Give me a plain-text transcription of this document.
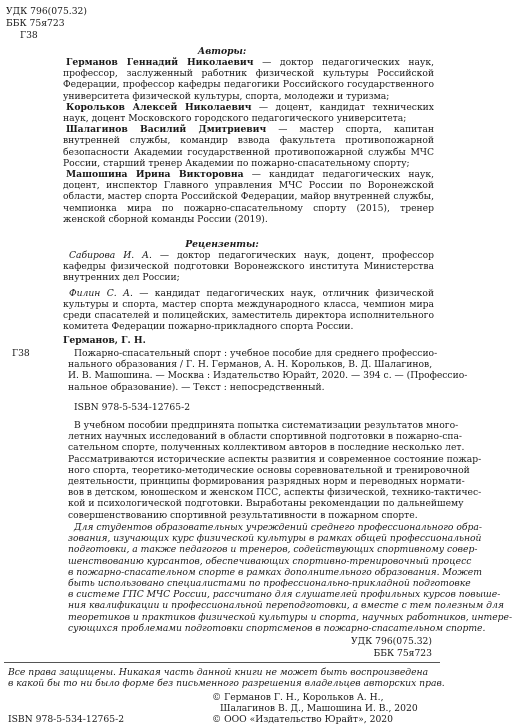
УДК 796(075.32)
ББК 75я723
Г38
Авторы:
Германов Геннадий Николаевич — доктор педагогических наук, профессор, заслуженный работник физической культуры Российской Федерации, профессор кафедры педагогики Российского государственного университета физической культуры, спорта, молодежи и туризма;
Корольков Алексей Николаевич — доцент, кандидат технических наук, доцент Московского городского педагогического университета;
Шалагинов Василий Дмитриевич — мастер спорта, капитан внутренней службы, командир взвода факультета противопожарной безопасности Академии государственной противопожарной службы МЧС России, старший тренер Академии по пожарно-спасательному спорту;
Машошина Ирина Викторовна — кандидат педагогических наук, доцент, инспектор Главного управления МЧС России по Воронежской области, мастер спорта Российской Федерации, майор внутренней службы, чемпионка мира по пожарно-спасательному спорту (2015), тренер женской сборной команды России (2019).
Рецензенты:
Сабирова И. А. — доктор педагогических наук, доцент, профессор кафедры физической подготовки Воронежского института Министерства внутренних дел России;
Филин С. А. — кандидат педагогических наук, отличник физической культуры и спорта, мастер спорта международного класса, чемпион мира среди спасателей и полицейских, заместитель директора исполнительного комитета Федерации пожарно-прикладного спорта России.
Германов, Г. Н.
Г38	Пожарно-спасательный спорт : учебное пособие для среднего профессио-
нального образования / Г. Н. Германов, А. Н. Корольков, В. Д. Шалагинов,
И. В. Машошина. — Москва : Издательство Юрайт, 2020. — 394 с. — (Профессио-
нальное образование). — Текст : непосредственный.
ISBN 978-5-534-12765-2
В учебном пособии предпринята попытка систематизации результатов много-
летних научных исследований в области спортивной подготовки в пожарно-спа-
сательном спорте, полученных коллективом авторов в последние несколько лет.
Рассматриваются исторические аспекты развития и современное состояние пожар-
ного спорта, теоретико-методические основы соревновательной и тренировочной
деятельности, принципы формирования разрядных норм и переводных нормати-
вов в детском, юношеском и женском ПСС, аспекты физической, технико-тактичес-
кой и психологической подготовки. Выработаны рекомендации по дальнейшему
совершенствованию спортивной результативности в пожарном спорте.
Для студентов образовательных учреждений среднего профессионального обра-
зования, изучающих курс физической культуры в рамках общей профессиональной
подготовки, а также педагогов и тренеров, содействующих спортивному совер-
шенствованию курсантов, обеспечивающих спортивно-тренировочный процесс
в пожарно-спасательном спорте в рамках дополнительного образования. Может
быть использовано специалистами по профессионально-прикладной подготовке
в системе ГПС МЧС России, рассчитано для слушателей профильных курсов повыше-
ния квалификации и профессиональной переподготовки, а вместе с тем полезным для
теоретиков и практиков физической культуры и спорта, научных работников, интере-
сующихся проблемами подготовки спортсменов в пожарно-спасательном спорте.
УДК 796(075.32)
ББК 75я723
Все права защищены. Никакая часть данной книги не может быть воспроизведена
в какой бы то ни было форме без письменного разрешения владельцев авторских прав.
© Германов Г. Н., Корольков А. Н.,
Шалагинов В. Д., Машошина И. В., 2020
© ООО «Издательство Юрайт», 2020
ISBN 978-5-534-12765-2
